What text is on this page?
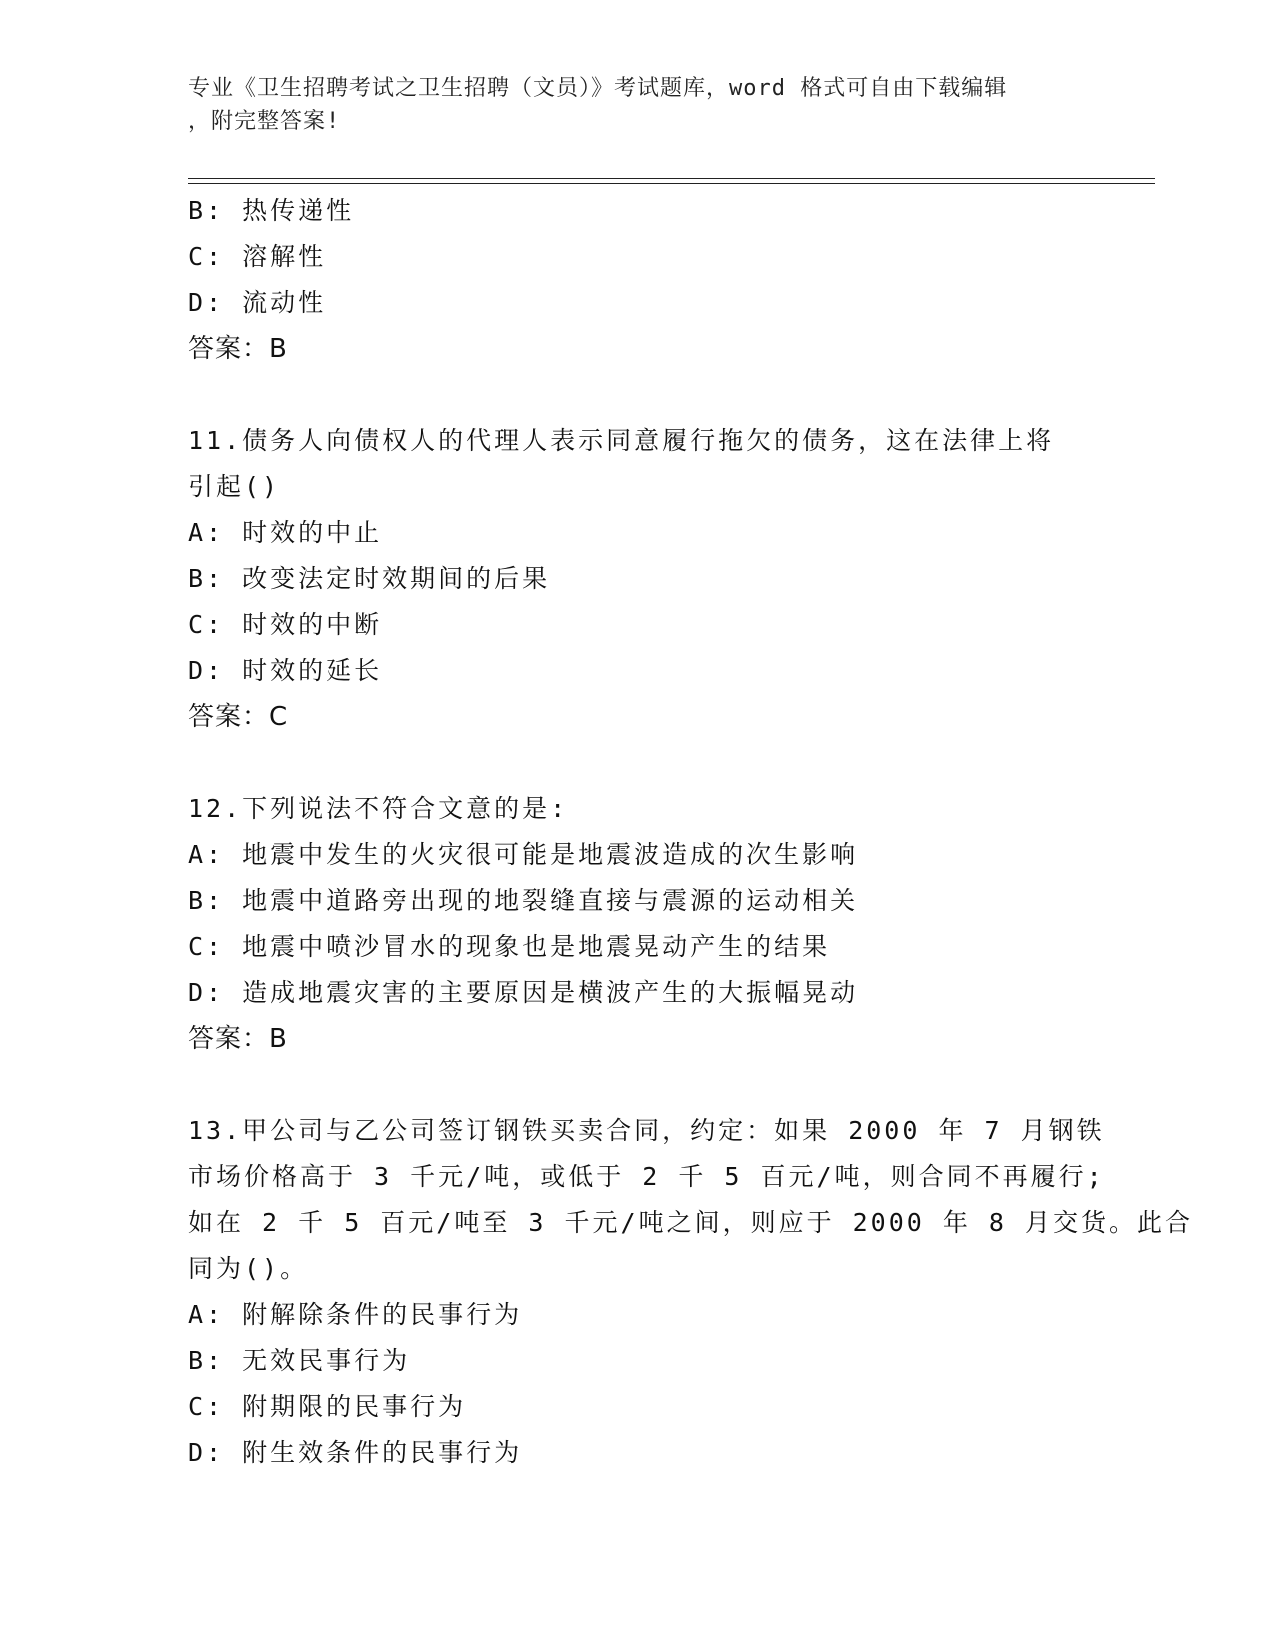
专业《卫生招聘考试之卫生招聘（文员）》考试题库，word 格式可自由下载编辑
，附完整答案!
B: 热传递性
C: 溶解性
D: 流动性
答案：B
11.债务人向债权人的代理人表示同意履行拖欠的债务，这在法律上将
引起()
A: 时效的中止
B: 改变法定时效期间的后果
C: 时效的中断
D: 时效的延长
答案：C
12.下列说法不符合文意的是:
A: 地震中发生的火灾很可能是地震波造成的次生影响
B: 地震中道路旁出现的地裂缝直接与震源的运动相关
C: 地震中喷沙冒水的现象也是地震晃动产生的结果
D: 造成地震灾害的主要原因是横波产生的大振幅晃动
答案：B
13.甲公司与乙公司签订钢铁买卖合同，约定：如果 2000 年 7 月钢铁
市场价格高于 3 千元/吨，或低于 2 千 5 百元/吨，则合同不再履行;
如在 2 千 5 百元/吨至 3 千元/吨之间，则应于 2000 年 8 月交货。此合
同为()。
A: 附解除条件的民事行为
B: 无效民事行为
C: 附期限的民事行为
D: 附生效条件的民事行为
